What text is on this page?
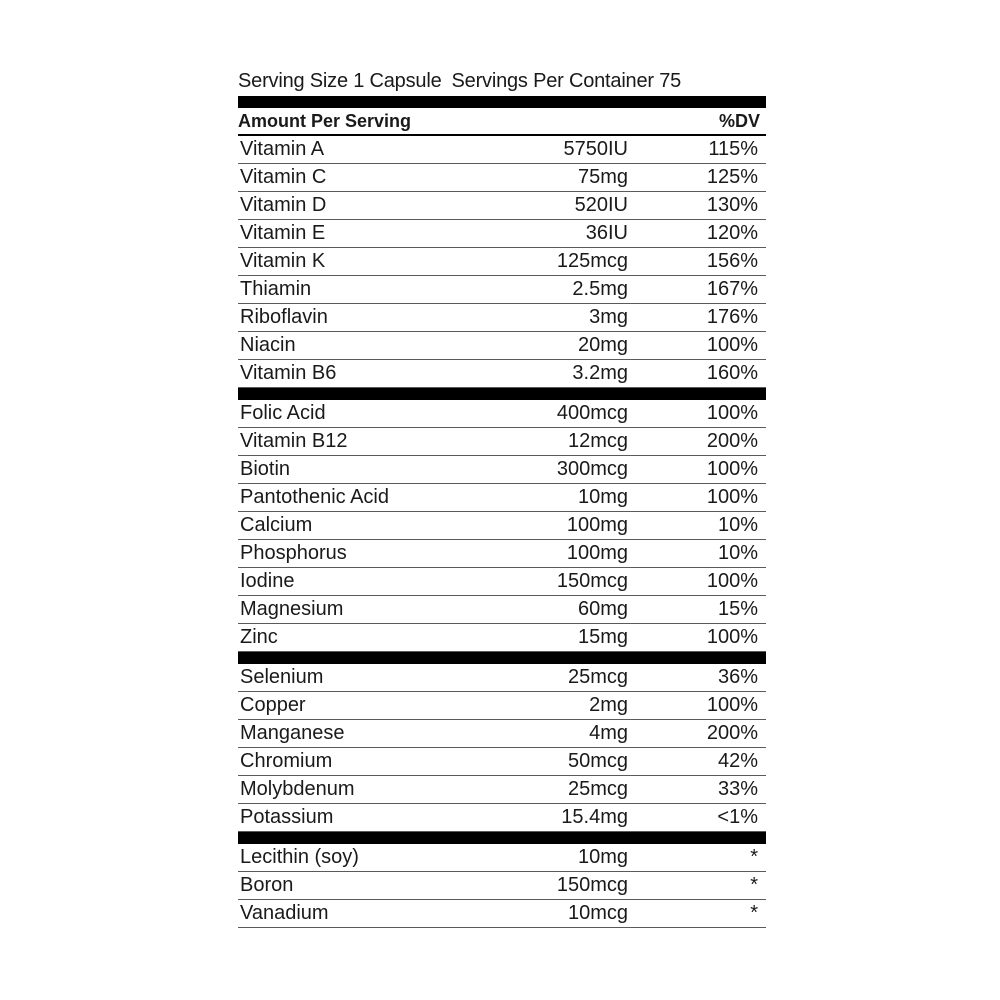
Serving Size 1 Capsule Servings Per Container 75
Amount Per Serving	%DV
Vitamin A	5750IU	115%
Vitamin C	75mg	125%
Vitamin D	520IU	130%
Vitamin E	36IU	120%
Vitamin K	125mcg	156%
Thiamin	2.5mg	167%
Riboflavin	3mg	176%
Niacin	20mg	100%
Vitamin B6	3.2mg	160%
Folic Acid	400mcg	100%
Vitamin B12	12mcg	200%
Biotin	300mcg	100%
Pantothenic Acid	10mg	100%
Calcium	100mg	10%
Phosphorus	100mg	10%
Iodine	150mcg	100%
Magnesium	60mg	15%
Zinc	15mg	100%
Selenium	25mcg	36%
Copper	2mg	100%
Manganese	4mg	200%
Chromium	50mcg	42%
Molybdenum	25mcg	33%
Potassium	15.4mg	<1%
Lecithin (soy)	10mg	*
Boron	150mcg	*
Vanadium	10mcg	*
